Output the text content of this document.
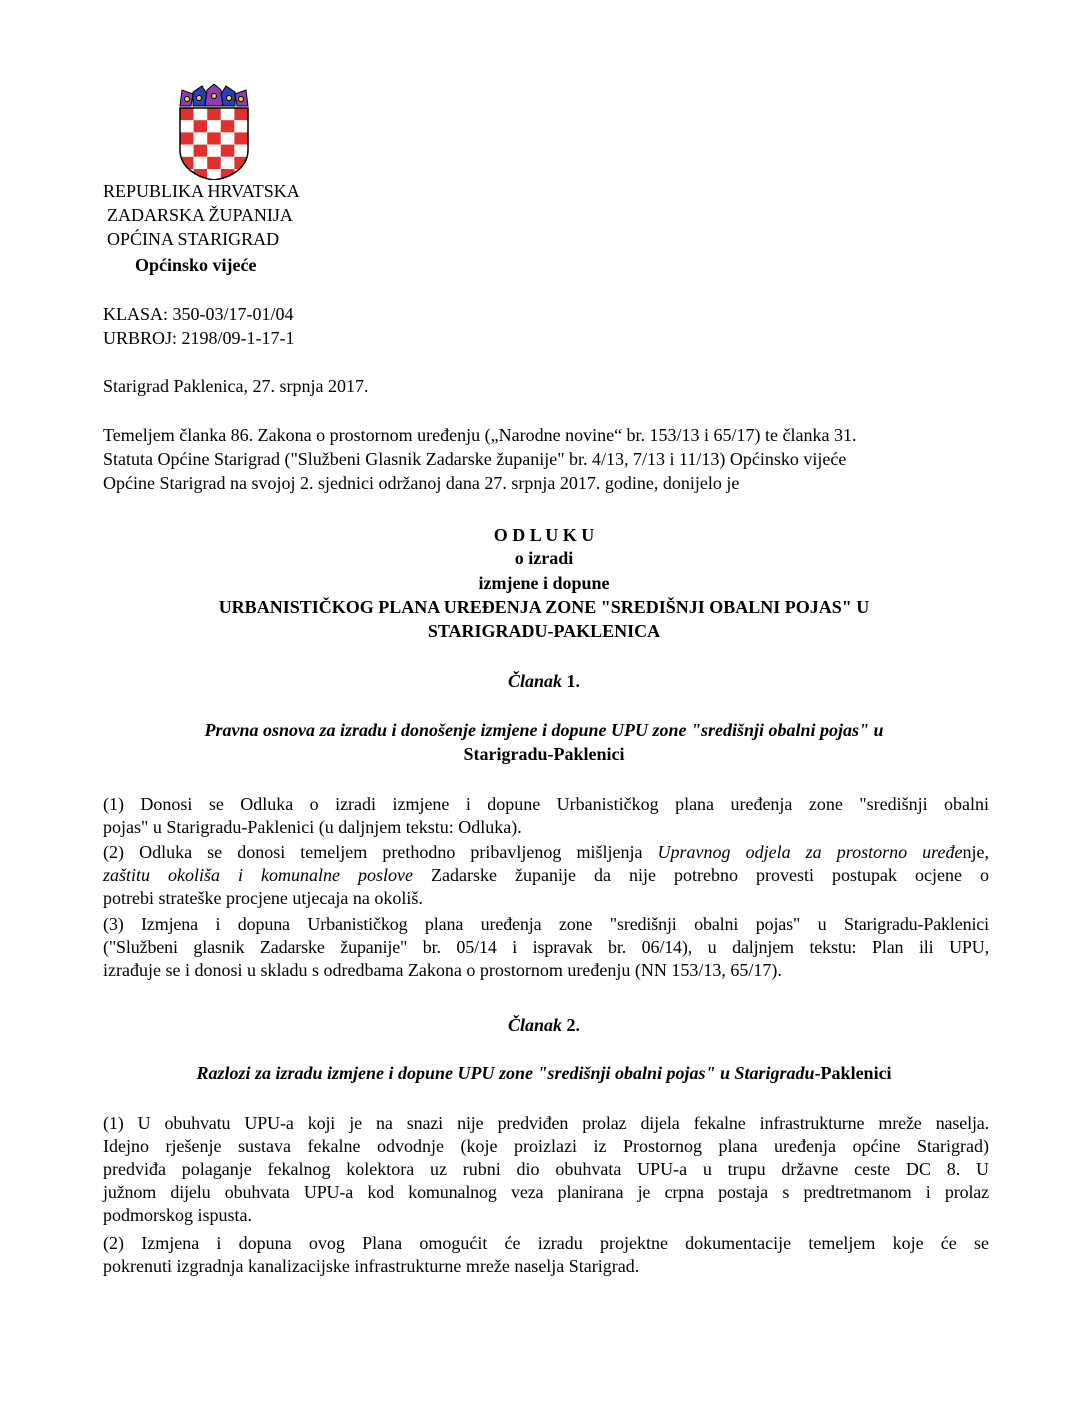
REPUBLIKA HRVATSKA
ZADARSKA ŽUPANIJA
OPĆINA STARIGRAD
Općinsko vijeće
KLASA: 350-03/17-01/04
URBROJ: 2198/09-1-17-1
Starigrad Paklenica, 27. srpnja 2017.
Temeljem članka 86. Zakona o prostornom uređenju („Narodne novine“ br. 153/13 i 65/17) te članka 31.
Statuta Općine Starigrad ("Službeni Glasnik Zadarske županije" br. 4/13, 7/13 i 11/13) Općinsko vijeće
Općine Starigrad na svojoj 2. sjednici održanoj dana 27. srpnja 2017. godine, donijelo je
O D L U K U
o izradi
izmjene i dopune
URBANISTIČKOG PLANA UREĐENJA ZONE "SREDIŠNJI OBALNI POJAS" U
STARIGRADU-PAKLENICA
Članak 1.
Pravna osnova za izradu i donošenje izmjene i dopune UPU zone "središnji obalni pojas" u
Starigradu-Paklenici

(1) Donosi se Odluka o izradi izmjene i dopune Urbanističkog plana uređenja zone "središnji obalni

pojas" u Starigradu-Paklenici (u daljnjem tekstu: Odluka).

(2) Odluka se donosi temeljem prethodno pribavljenog mišljenja Upravnog odjela za prostorno uređenje,

zaštitu okoliša i komunalne poslove Zadarske županije da nije potrebno provesti postupak ocjene o

potrebi strateške procjene utjecaja na okoliš.

(3) Izmjena i dopuna Urbanističkog plana uređenja zone "središnji obalni pojas" u Starigradu-Paklenici

("Službeni glasnik Zadarske županije" br. 05/14 i ispravak br. 06/14), u daljnjem tekstu: Plan ili UPU,

izrađuje se i donosi u skladu s odredbama Zakona o prostornom uređenju (NN 153/13, 65/17).

Članak 2.
Razlozi za izradu izmjene i dopune UPU zone "središnji obalni pojas" u Starigradu-Paklenici

(1) U obuhvatu UPU-a koji je na snazi nije predviđen prolaz dijela fekalne infrastrukturne mreže naselja.

Idejno rješenje sustava fekalne odvodnje (koje proizlazi iz Prostornog plana uređenja općine Starigrad)

predviđa polaganje fekalnog kolektora uz rubni dio obuhvata UPU-a u trupu državne ceste DC 8. U

južnom dijelu obuhvata UPU-a kod komunalnog veza planirana je crpna postaja s predtretmanom i prolaz

podmorskog ispusta.

(2) Izmjena i dopuna ovog Plana omogućit će izradu projektne dokumentacije temeljem koje će se

pokrenuti izgradnja kanalizacijske infrastrukturne mreže naselja Starigrad.
